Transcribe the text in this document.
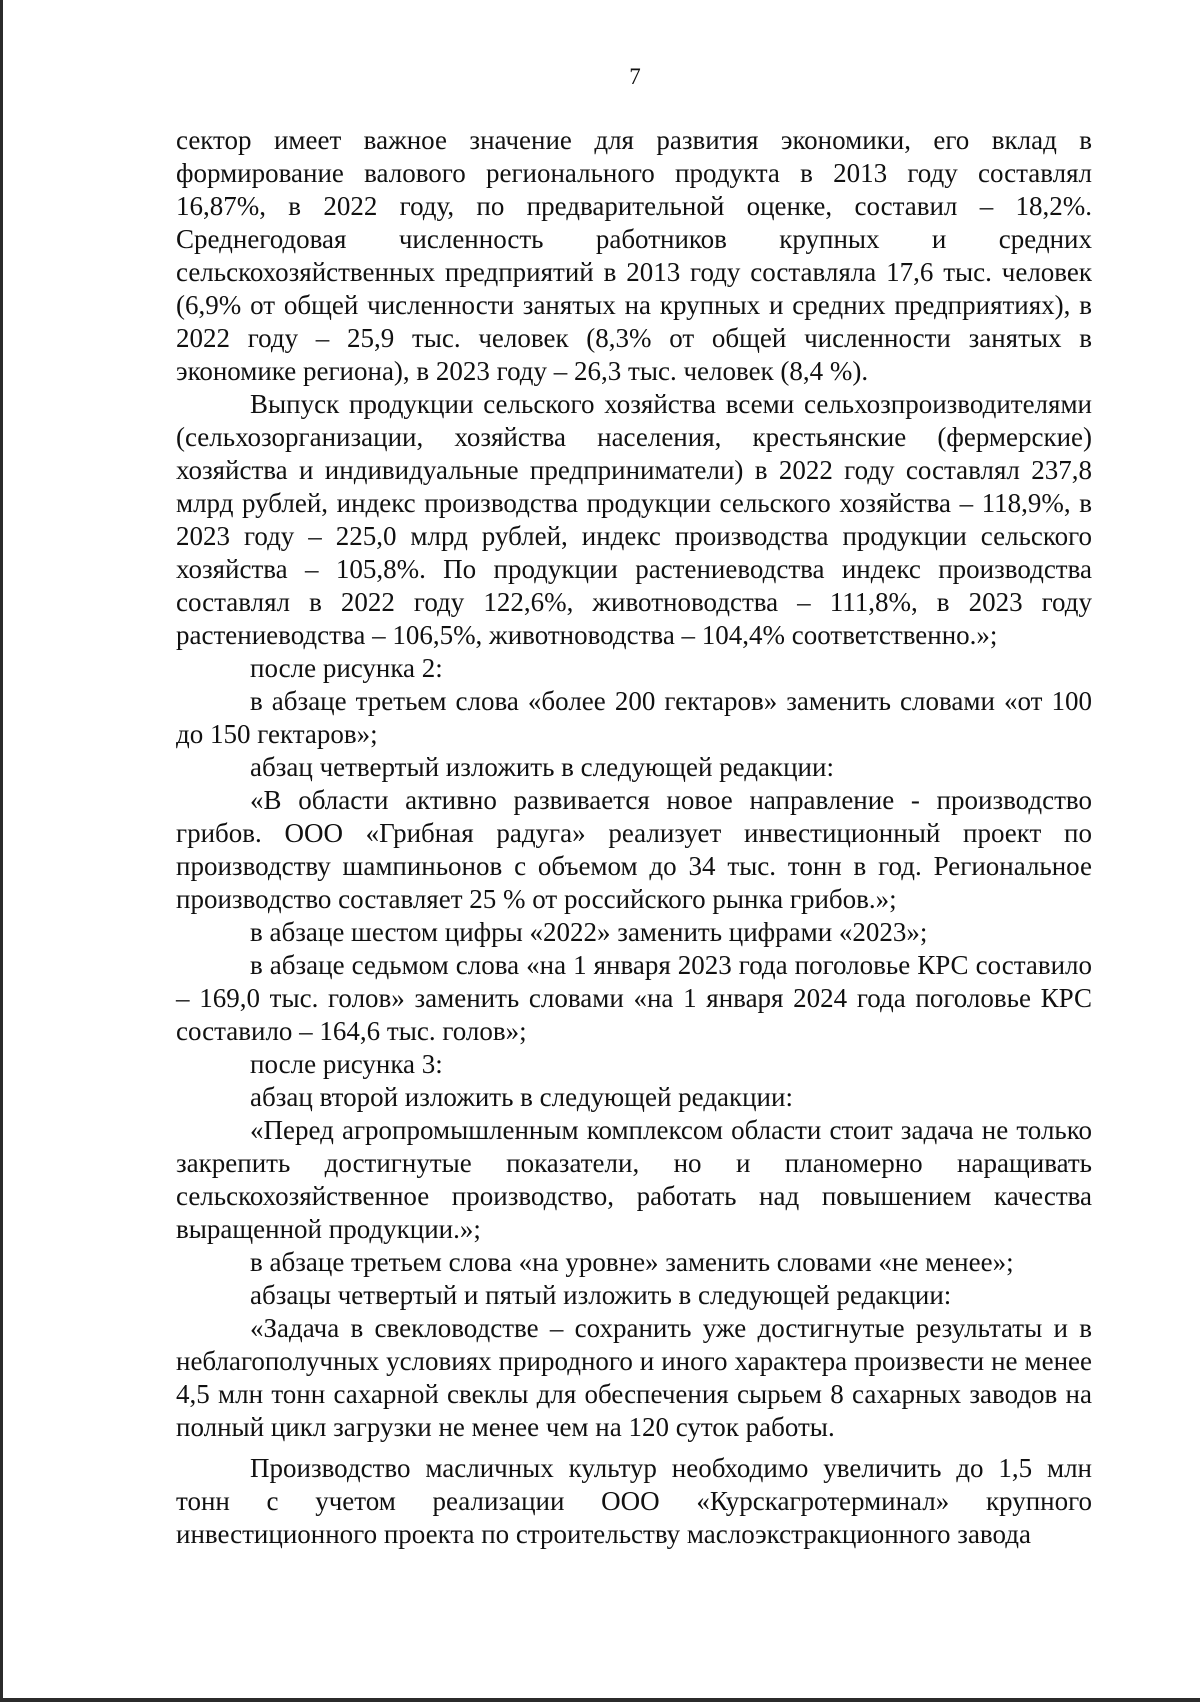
7

сектор имеет важное значение для развития экономики, его вклад в формирование валового регионального продукта в 2013 году составлял 16,87%, в 2022 году, по предварительной оценке, составил – 18,2%. Среднегодовая численность работников крупных и средних сельскохозяйственных предприятий в 2013 году составляла 17,6 тыс. человек (6,9% от общей численности занятых на крупных и средних предприятиях), в 2022 году – 25,9 тыс. человек (8,3% от общей численности занятых в экономике региона), в 2023 году – 26,3 тыс. человек (8,4 %).

Выпуск продукции сельского хозяйства всеми сельхозпроизводителями (сельхозорганизации, хозяйства населения, крестьянские (фермерские) хозяйства и индивидуальные предприниматели) в 2022 году составлял 237,8 млрд рублей, индекс производства продукции сельского хозяйства – 118,9%, в 2023 году – 225,0 млрд рублей, индекс производства продукции сельского хозяйства – 105,8%. По продукции растениеводства индекс производства составлял в 2022 году 122,6%, животноводства – 111,8%, в 2023 году растениеводства – 106,5%, животноводства – 104,4% соответственно.»;

после рисунка 2:

в абзаце третьем слова «более 200 гектаров» заменить словами «от 100 до 150 гектаров»;

абзац четвертый изложить в следующей редакции:

«В области активно развивается новое направление - производство грибов. ООО «Грибная радуга» реализует инвестиционный проект по производству шампиньонов с объемом до 34 тыс. тонн в год. Региональное производство составляет 25 % от российского рынка грибов.»;

в абзаце шестом цифры «2022» заменить цифрами «2023»;

в абзаце седьмом слова «на 1 января 2023 года поголовье КРС составило – 169,0 тыс. голов» заменить словами «на 1 января 2024 года поголовье КРС составило – 164,6 тыс. голов»;

после рисунка 3:

абзац второй изложить в следующей редакции:

«Перед агропромышленным комплексом области стоит задача не только закрепить достигнутые показатели, но и планомерно наращивать сельскохозяйственное производство, работать над повышением качества выращенной продукции.»;

в абзаце третьем слова «на уровне» заменить словами «не менее»;

абзацы четвертый и пятый изложить в следующей редакции:

«Задача в свекловодстве – сохранить уже достигнутые результаты и в неблагополучных условиях природного и иного характера произвести не менее 4,5 млн тонн сахарной свеклы для обеспечения сырьем 8 сахарных заводов на полный цикл загрузки не менее чем на 120 суток работы.

Производство масличных культур необходимо увеличить до 1,5 млн тонн с учетом реализации ООО «Курскагротерминал» крупного инвестиционного проекта по строительству маслоэкстракционного завода
